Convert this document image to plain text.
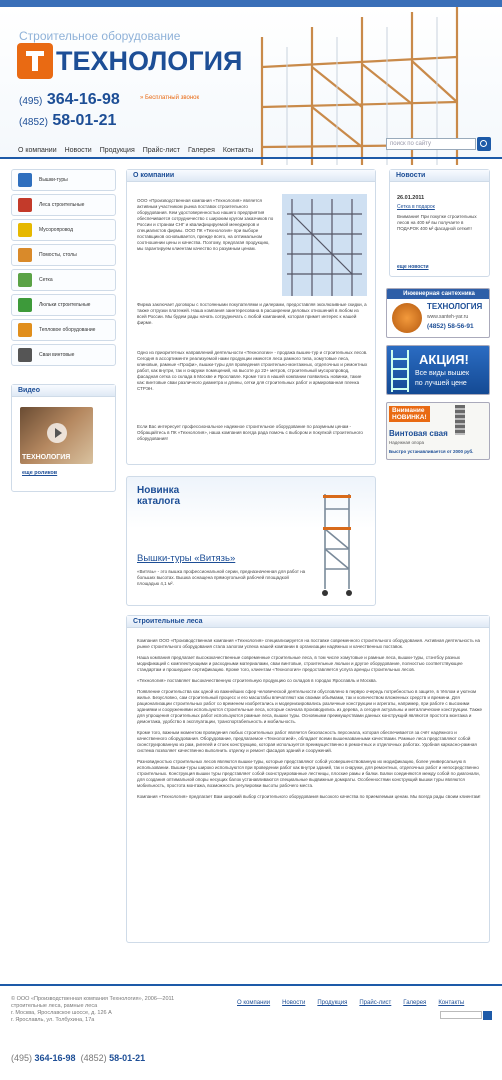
Строительное оборудование
ТЕХНОЛОГИЯ
(495) 364-16-98	» Бесплатный звонок
(4852) 58-01-21
О компании Новости Продукция Прайс-лист Галерея Контакты
поиск по сайту
Вышки-туры
Леса строительные
Мусоропровод
Помосты, столы
Сетка
Люльки строительные
Тепловое оборудование
Сваи винтовые
Видео
ТЕХНОЛОГИЯ
еще роликов
О компании
ООО «Производственная компания «Технология» является активным участником рынка поставок строительного оборудования. Кем удостоверенностью нашего предприятия обеспечивается сотрудничество с широким кругом заказчиков по России и странам СНГ и квалифицируемой менеджеров и специалистов фирмы. ООО ПК «Технология» при выборе поставщиков основывается, прежде всего, на оптимальном соотношении цены и качества. Поэтому, предлагая продукцию, мы гарантируем клиентам качество по разумным ценам.
Фирма заключает договоры с постоянными покупателями и дилерами, предоставляя эксклюзивные скидки, а также отгрузки платежей. Наша компания заинтересована в расширении деловых отношений в любом из всей России. Мы будем рады начать сотрудничать с любой компанией, которая примет интерес к нашей фирме.
Одно из приоритетных направлений деятельности «Технологии» - продажа вышек-тур и строительных лесов. Сегодня в ассортименте реализуемой нами продукции имеются леса рамного типа, хомутовые леса, клиновые, рамные «Профи», вышки-туры для проведения строительно-монтажных, отделочных и ремонтных работ, как внутри, так и снаружи помещений, на высоте до 22+ метров, строительный мусоропровод, фасадная сетка со склада в Москве и Ярославле. Кроме того в нашей компании появились новинки, такие как: винтовые сваи различного диаметра и длины, сетки для строительных работ и армированная пленка СТРЭН.
Если Вас интересует профессиональное надежное строительное оборудование по разумным ценам - Обращайтесь в ПК «Технология», наша компания всегда рада помочь с выбором и покупкой строительного оборудования!
Новости
26.01.2011
Сетка в подарок
Внимание! При покупке строительных лесов на 400 м² вы получаете в ПОДАРОК 400 м² фасадной сетки!!!
еще новости
Инженерная сантехника
ТЕХНОЛОГИЯ
www.santeh-yar.ru
(4852) 58-56-91
АКЦИЯ!
Все виды вышек
по лучшей цене
Внимание
НОВИНКА!
Винтовая свая
Надежная опора
Быстро устанавливается от 2000 руб.
Новинка
каталога
Вышки-туры «Витязь»
«Витязь» - это вышка профессиональной серии, предназначенная для работ на больших высотах. Вышка оснащена прямоугольной рабочей площадкой площадью 4,1 м².
Строительные леса

Компания ООО «Производственная компания «Технология» специализируется на поставке современного строительного оборудования. Активная деятельность на рынке строительного оборудования стала залогом успеха нашей компании в организации надёжных и качественных поставок.

Наша компания предлагает высококачественные современные строительные леса, в том числе хомутовые и рамные леса, вышки-туры, стэнгбоу разных модификаций с комплектующими и расходными материалами, сваи винтовые, строительные люльки и другое оборудование, полностью соответствующее стандартам и прошедшее сертификацию. Кроме того, клиентам «Технология» предоставляется услуга аренды строительных лесов.

«Технология» поставляет высокачественную строительную продукцию со складов в городах Ярославль и Москва.

Появление строительства как одной из важнейших сфер человеческой деятельности обусловлено в первую очередь потребностью в защите, в тёплом и уютном жилье. Безусловно, сам строительный процесс и его масштабы впечатляют как своими объёмами, так и количеством вложенных средств и времени. Для рационализации строительных работ со временем изобретались и модернизировались различные конструкции и агрегаты, например, при работе с высокими зданиями и сооружениями используются строительные леса, которые сначала производились из дерева, а сегодня актуальны и металлические конструкции. Также для упрощения строительных работ используются рамные леса, вышки туры. Основными преимуществами данных конструкций являются простота монтажа и демонтажа, удобство в эксплуатации, транспортабельность и мобильность.

Кроме того, важным моментом проведения любых строительных работ является безопасность персонала, которая обеспечивается за счёт надёжного и качественного оборудования. Оборудование, предлагаемое «Технологией», обладает всеми вышеназванными качествами. Рамные леса представляют собой сконструированную из рам, ригелей и стоек конструкцию, которая используется преимущественно в ремонтных и отделочных работах. Удобная каркасно-рамная система позволяет качественно выполнить отделку и ремонт фасадов зданий и сооружений.

Разновидностью строительных лесов являются вышки-туры, которые представляют собой усовершенствованную их модификацию, более универсальную в использовании. Вышки-туры широко используются при проведении работ как внутри зданий, так и снаружи, для ремонтных, отделочных работ и непосредственно строительных. Конструкция вышки туры представляет собой сконструированные лестницы, плоские рамы и балки. Балки соединяются между собой по диагонали, для создания оптимальной опоры несущих балок устанавливаются специальные выдвижные домкраты. Особенностями конструкций вышки туры являются мобильность, простота монтажа, возможность регулировки высоты рабочего места.

Компания «Технология» предлагает Вам широкий выбор строительного оборудования высокого качества по приемлемым ценам. Мы всегда рады своим клиентам!

© ООО «Производственная компания Технология», 2006—2011
строительные леса, рамные леса
г. Москва, Ярославское шоссе, д. 126 А
г. Ярославль, ул. Толбухина, 17а
О компании Новости Продукция Прайс-лист Галерея Контакты
(495) 364-16-98 (4852) 58-01-21
